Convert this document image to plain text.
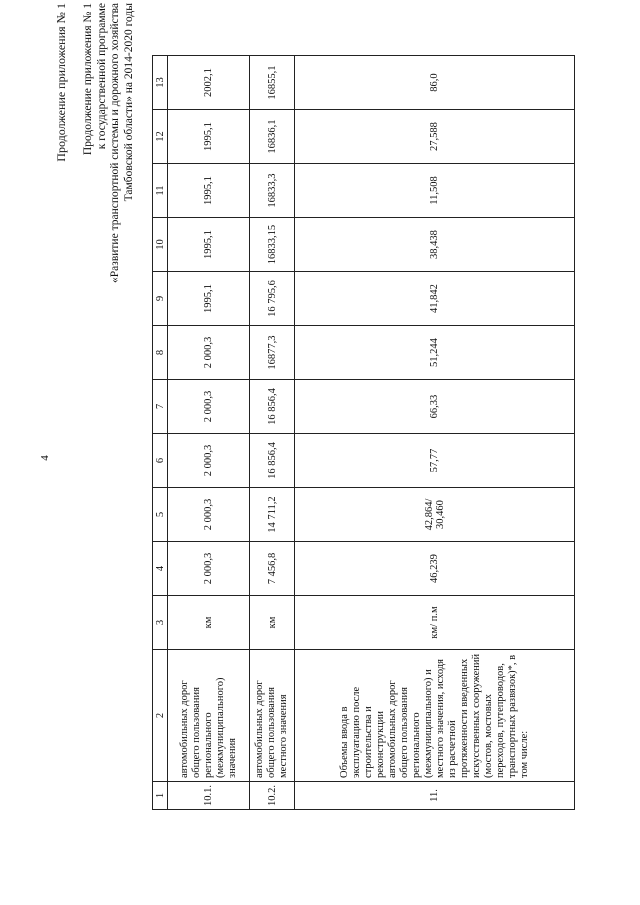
4
Продолжение приложения № 1 Продолжение приложения № 1 к государственной программе «Развитие транспортной системы и дорожного хозяйства Тамбовской области» на 2014-2020 годы
1	2	3	4	5	6	7	8	9	10	11	12	13
10.1.	автомобильных дорог общего пользования регионального (межмуниципального) значения	км	2 000,3	2 000,3	2 000,3	2 000,3	2 000,3	1995,1	1995,1	1995,1	1995,1	2002,1
10.2.	автомобильных дорог общего пользования местного значения	км	7 456,8	14 711,2	16 856,4	16 856,4	16877,3	16 795,6	16833,15	16833,3	16836,1	16855,1
11.	Объемы ввода в эксплуатацию после строительства и реконструкции автомобильных дорог общего пользования регионального (межмуниципального) и местного значения, исходя из расчетной протяженности введенных искусственных сооружений (мостов, мостовых переходов, путепроводов, транспортных развязок)*, в том числе:	км/ п.м	46,239	42,864/ 30,460	57,77	66,33	51,244	41,842	38,438	11,508	27,588	86,0
